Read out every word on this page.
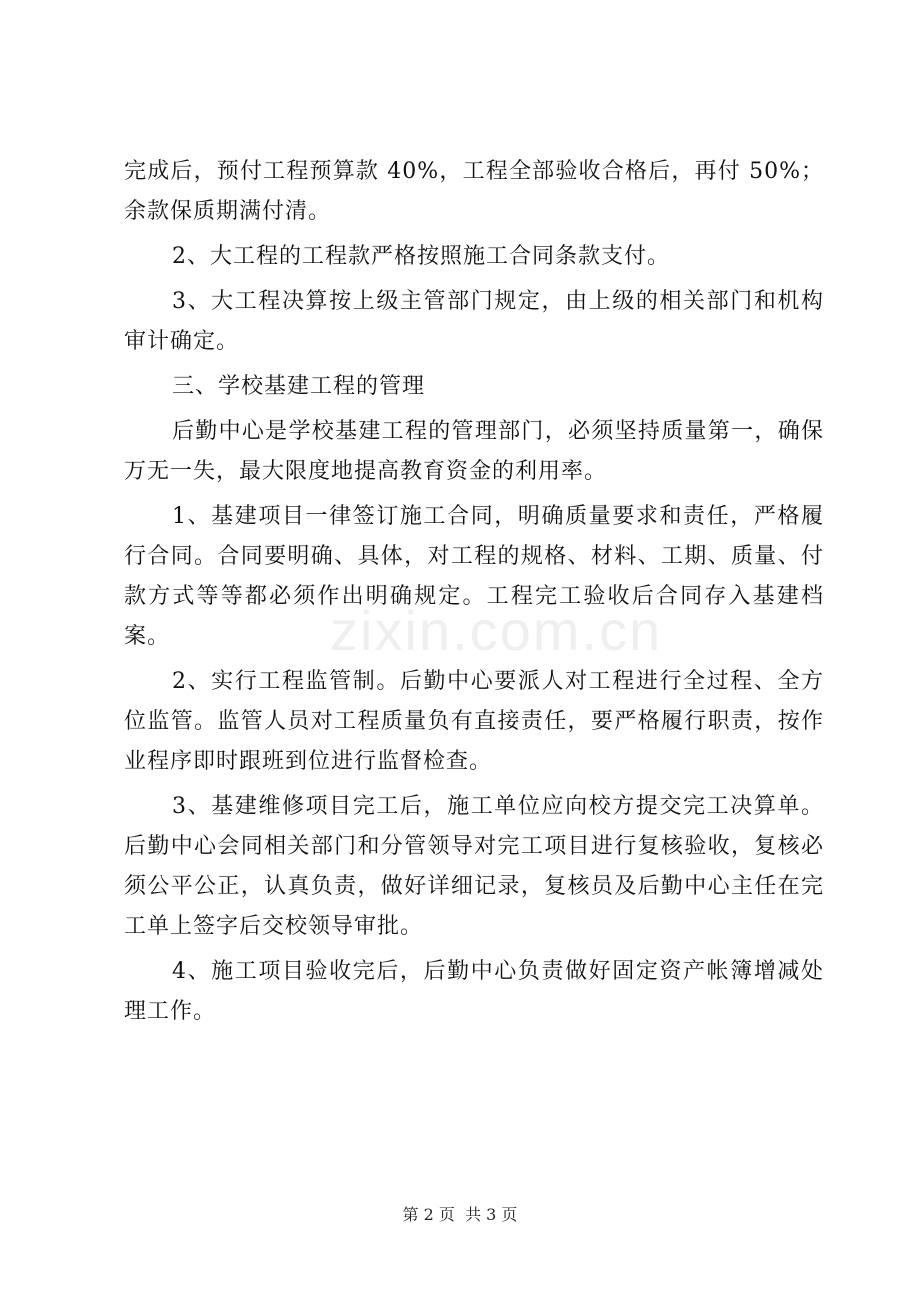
完成后，预付工程预算款 40%，工程全部验收合格后，再付 50%；余款保质期满付清。

2、大工程的工程款严格按照施工合同条款支付。

3、大工程决算按上级主管部门规定，由上级的相关部门和机构审计确定。

三、学校基建工程的管理

后勤中心是学校基建工程的管理部门，必须坚持质量第一，确保万无一失，最大限度地提高教育资金的利用率。

1、基建项目一律签订施工合同，明确质量要求和责任，严格履行合同。合同要明确、具体，对工程的规格、材料、工期、质量、付款方式等等都必须作出明确规定。工程完工验收后合同存入基建档案。

2、实行工程监管制。后勤中心要派人对工程进行全过程、全方位监管。监管人员对工程质量负有直接责任，要严格履行职责，按作业程序即时跟班到位进行监督检查。

3、基建维修项目完工后，施工单位应向校方提交完工决算单。后勤中心会同相关部门和分管领导对完工项目进行复核验收，复核必须公平公正，认真负责，做好详细记录，复核员及后勤中心主任在完工单上签字后交校领导审批。

4、施工项目验收完后，后勤中心负责做好固定资产帐簿增减处理工作。

zixin.com.cn
第 2 页  共 3 页
